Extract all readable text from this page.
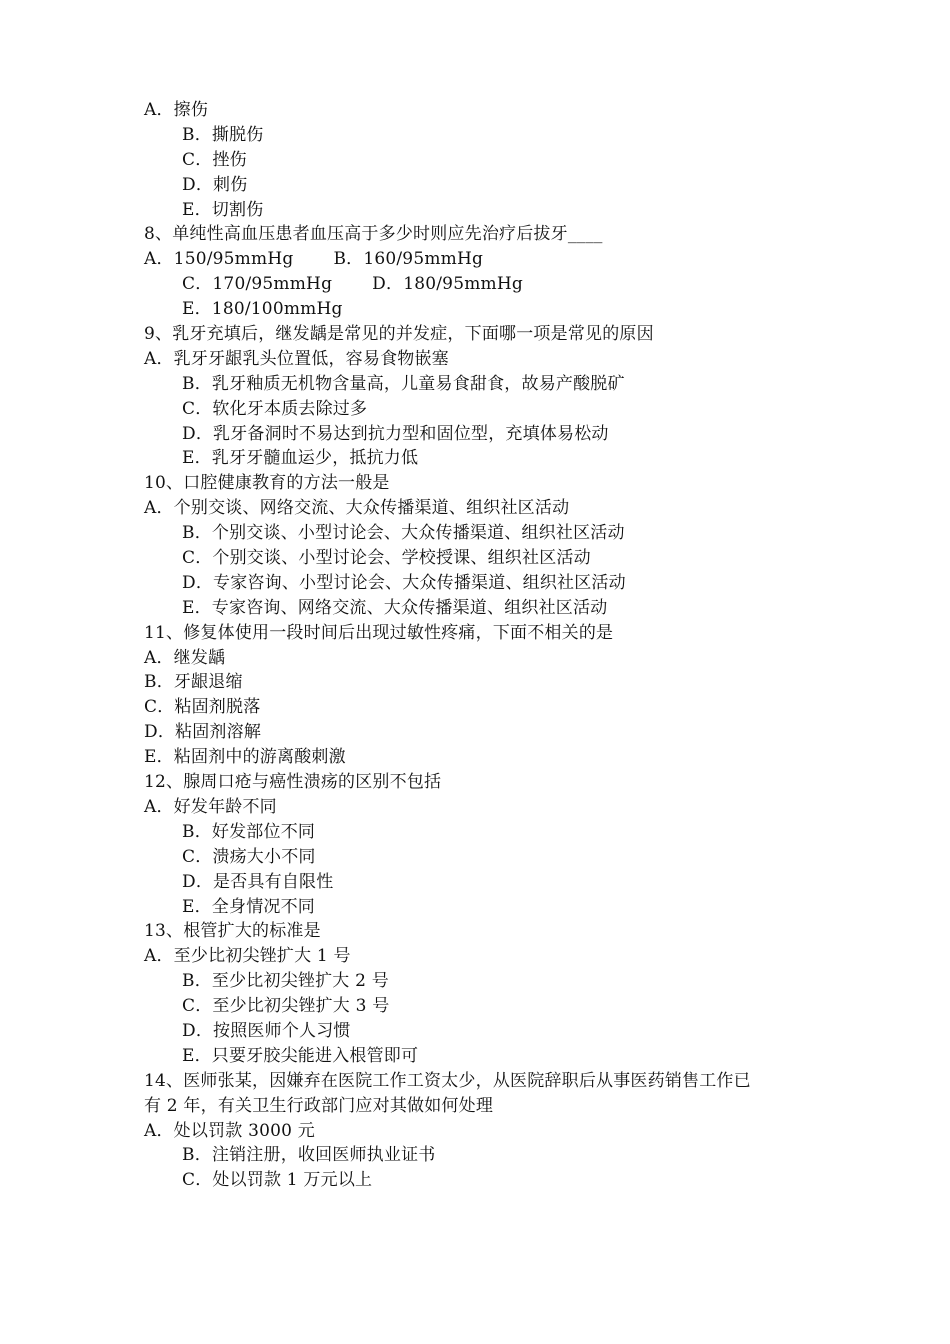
A．擦伤
B．撕脱伤
C．挫伤
D．刺伤
E．切割伤
8、单纯性高血压患者血压高于多少时则应先治疗后拔牙____
A．150/95mmHg B．160/95mmHg
C．170/95mmHg D．180/95mmHg
E．180/100mmHg
9、乳牙充填后，继发龋是常见的并发症，下面哪一项是常见的原因
A．乳牙牙龈乳头位置低，容易食物嵌塞
B．乳牙釉质无机物含量高，儿童易食甜食，故易产酸脱矿
C．软化牙本质去除过多
D．乳牙备洞时不易达到抗力型和固位型，充填体易松动
E．乳牙牙髓血运少，抵抗力低
10、口腔健康教育的方法一般是
A．个别交谈、网络交流、大众传播渠道、组织社区活动
B．个别交谈、小型讨论会、大众传播渠道、组织社区活动
C．个别交谈、小型讨论会、学校授课、组织社区活动
D．专家咨询、小型讨论会、大众传播渠道、组织社区活动
E．专家咨询、网络交流、大众传播渠道、组织社区活动
11、修复体使用一段时间后出现过敏性疼痛，下面不相关的是
A．继发龋
B．牙龈退缩
C．粘固剂脱落
D．粘固剂溶解
E．粘固剂中的游离酸刺激
12、腺周口疮与癌性溃疡的区别不包括
A．好发年龄不同
B．好发部位不同
C．溃疡大小不同
D．是否具有自限性
E．全身情况不同
13、根管扩大的标准是
A．至少比初尖锉扩大 1 号
B．至少比初尖锉扩大 2 号
C．至少比初尖锉扩大 3 号
D．按照医师个人习惯
E．只要牙胶尖能进入根管即可
14、医师张某，因嫌弃在医院工作工资太少，从医院辞职后从事医药销售工作已
有 2 年，有关卫生行政部门应对其做如何处理
A．处以罚款 3000 元
B．注销注册，收回医师执业证书
C．处以罚款 1 万元以上
